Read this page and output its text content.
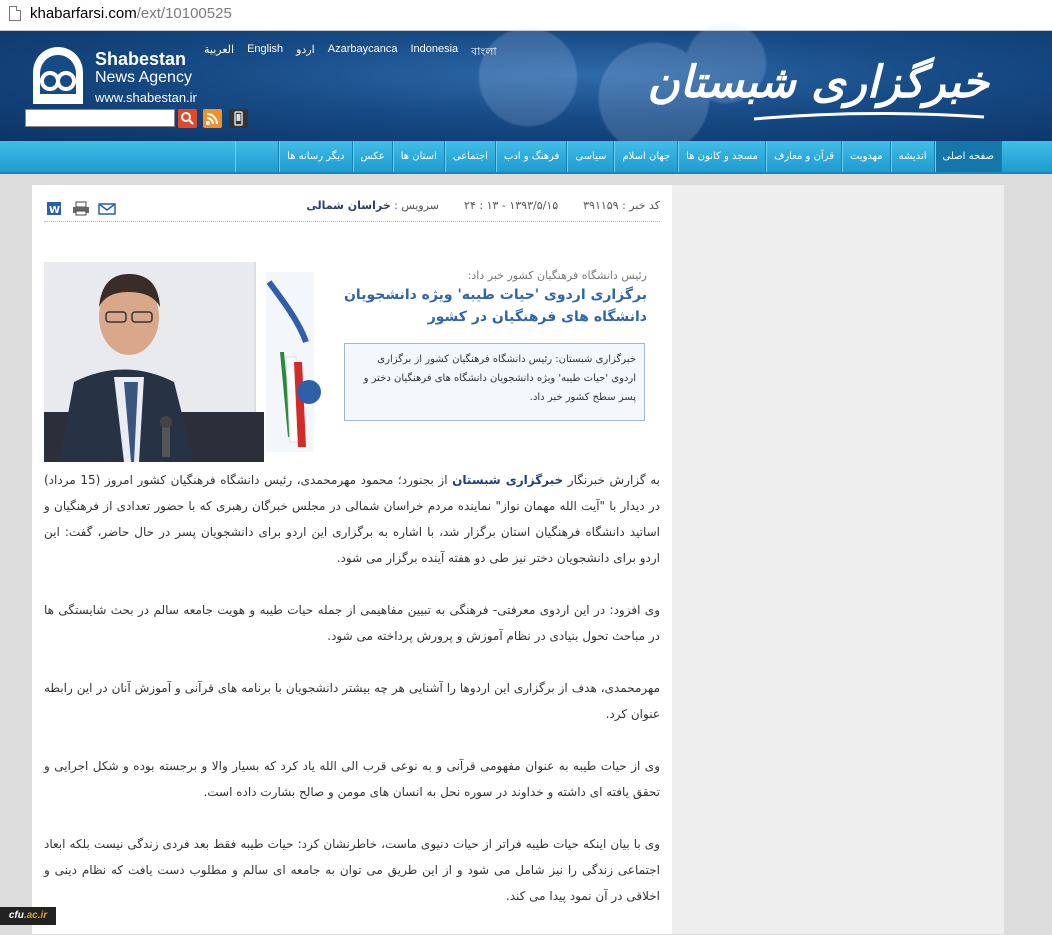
khabarfarsi.com/ext/10100525
Shabestan
News Agency
www.shabestan.ir
العربية English اردو Azarbaycanca Indonesia বাংলা
خبرگزاری شبستان
صفحه اصلی
اندیشه
مهدویت
قرآن و معارف
مسجد و کانون ها
جهان اسلام
سیاسی
فرهنگ و ادب
اجتماعی
استان ها
عکس
دیگر رسانه ها
کد خبر : ۳۹۱۱۵۹  ۱۳۹۳/۵/۱۵ - ۱۳ : ۲۴  سرویس : خراسان شمالی
W
رئیس دانشگاه فرهنگیان کشور خبر داد:
برگزاری اردوی 'حیات طیبه' ویژه دانشجویان دانشگاه های فرهنگیان در کشور
خبرگزاری شبستان: رئیس دانشگاه فرهنگیان کشور از برگزاری اردوی 'حیات طیبه' ویژه دانشجویان دانشگاه های فرهنگیان دختر و پسر سطح کشور خبر داد.

به گزارش خبرنگار خبرگزاری شبستان از بجنورد؛ محمود مهرمحمدی، رئیس دانشگاه فرهنگیان کشور امروز (15 مرداد) در دیدار با "آیت الله مهمان نواز" نماینده مردم خراسان شمالی در مجلس خبرگان رهبری که با حضور تعدادی از فرهنگیان و اساتید دانشگاه فرهنگیان استان برگزار شد، با اشاره به برگزاری این اردو برای دانشجویان پسر در حال حاضر، گفت: این اردو برای دانشجویان دختر نیز طی دو هفته آینده برگزار می شود.

وی افزود: در این اردوی معرفتی- فرهنگی به تبیین مفاهیمی از جمله حیات طیبه و هویت جامعه سالم در بحث شایستگی ها در مباحث تحول بنیادی در نظام آموزش و پرورش پرداخته می شود.

مهرمحمدی، هدف از برگزاری این اردوها را آشنایی هر چه بیشتر دانشجویان با برنامه های قرآنی و آموزش آنان در این رابطه عنوان کرد.

وی از حیات طیبه به عنوان مفهومی قرآنی و به نوعی قرب الی الله یاد کرد که بسیار والا و برجسته بوده و شکل اجرایی و تحقق یافته ای داشته و خداوند در سوره نحل به انسان های مومن و صالح بشارت داده است.

وی با بیان اینکه حیات طیبه فراتر از حیات دنیوی ماست، خاطرنشان کرد: حیات طیبه فقط بعد فردی زندگی نیست بلکه ابعاد اجتماعی زندگی را نیز شامل می شود و از این طریق می توان به جامعه ای سالم و مطلوب دست یافت که نظام دینی و اخلاقی در آن نمود پیدا می کند.

cfu.ac.ir
